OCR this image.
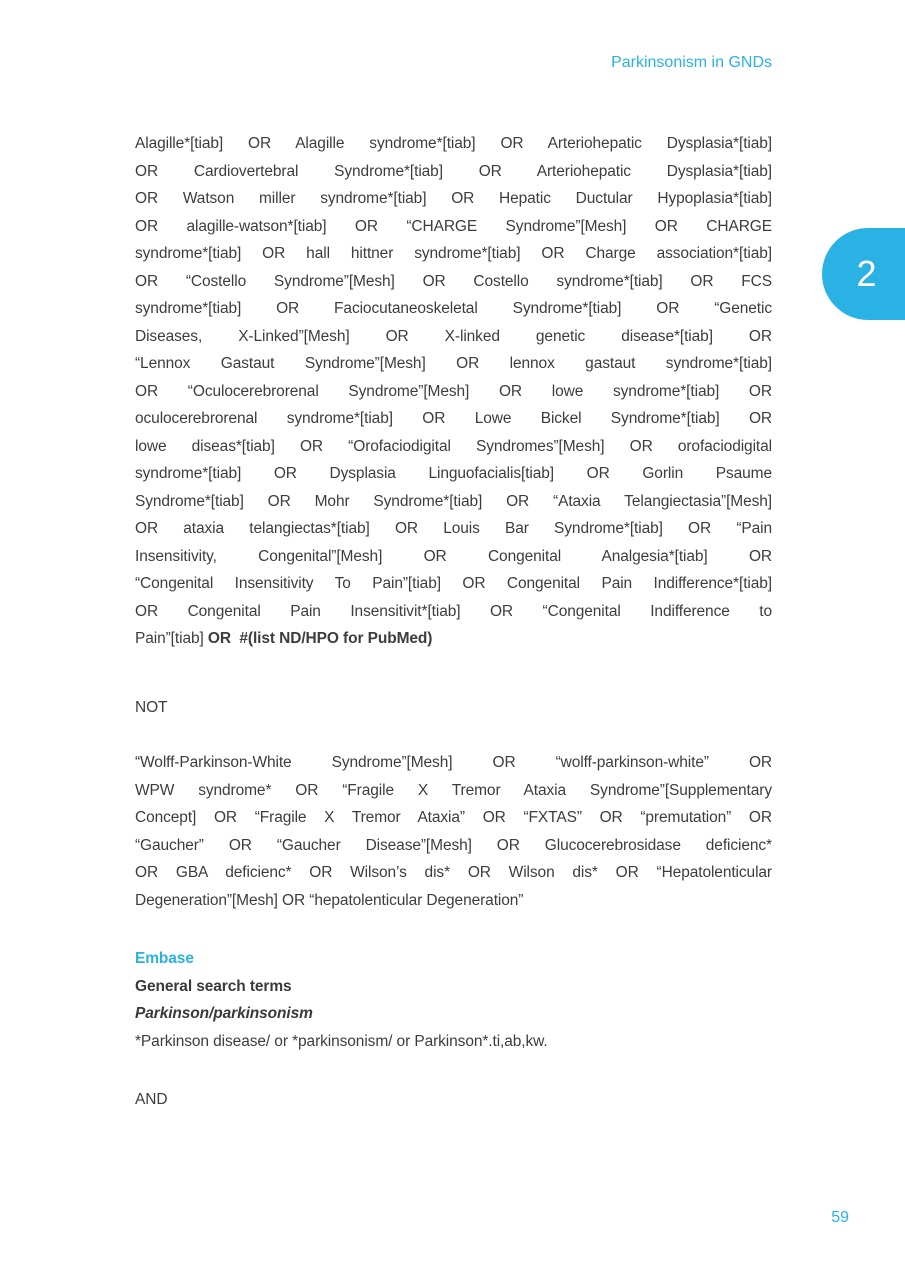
Parkinsonism in GNDs
2
Alagille*[tiab] OR Alagille syndrome*[tiab] OR Arteriohepatic Dysplasia*[tiab]
OR Cardiovertebral Syndrome*[tiab] OR Arteriohepatic Dysplasia*[tiab]
OR Watson miller syndrome*[tiab] OR Hepatic Ductular Hypoplasia*[tiab]
OR alagille-watson*[tiab] OR “CHARGE Syndrome”[Mesh] OR CHARGE
syndrome*[tiab] OR hall hittner syndrome*[tiab] OR Charge association*[tiab]
OR “Costello Syndrome”[Mesh] OR Costello syndrome*[tiab] OR FCS
syndrome*[tiab] OR Faciocutaneoskeletal Syndrome*[tiab] OR “Genetic
Diseases, X-Linked”[Mesh] OR X-linked genetic disease*[tiab] OR
“Lennox Gastaut Syndrome”[Mesh] OR lennox gastaut syndrome*[tiab]
OR “Oculocerebrorenal Syndrome”[Mesh] OR lowe syndrome*[tiab] OR
oculocerebrorenal syndrome*[tiab] OR Lowe Bickel Syndrome*[tiab] OR
lowe diseas*[tiab] OR “Orofaciodigital Syndromes”[Mesh] OR orofaciodigital
syndrome*[tiab] OR Dysplasia Linguofacialis[tiab] OR Gorlin Psaume
Syndrome*[tiab] OR Mohr Syndrome*[tiab] OR “Ataxia Telangiectasia”[Mesh]
OR ataxia telangiectas*[tiab] OR Louis Bar Syndrome*[tiab] OR “Pain
Insensitivity, Congenital”[Mesh] OR Congenital Analgesia*[tiab] OR
“Congenital Insensitivity To Pain”[tiab] OR Congenital Pain Indifference*[tiab]
OR Congenital Pain Insensitivit*[tiab] OR “Congenital Indifference to
Pain”[tiab] OR  #(list ND/HPO for PubMed)
NOT
“Wolff-Parkinson-White Syndrome”[Mesh] OR “wolff-parkinson-white” OR
WPW syndrome* OR “Fragile X Tremor Ataxia Syndrome”[Supplementary
Concept] OR “Fragile X Tremor Ataxia” OR “FXTAS” OR “premutation” OR
“Gaucher” OR “Gaucher Disease”[Mesh] OR Glucocerebrosidase deficienc*
OR GBA deficienc* OR Wilson’s dis* OR Wilson dis* OR “Hepatolenticular
Degeneration”[Mesh] OR “hepatolenticular Degeneration”
Embase
General search terms
Parkinson/parkinsonism
*Parkinson disease/ or *parkinsonism/ or Parkinson*.ti,ab,kw.
AND
59
